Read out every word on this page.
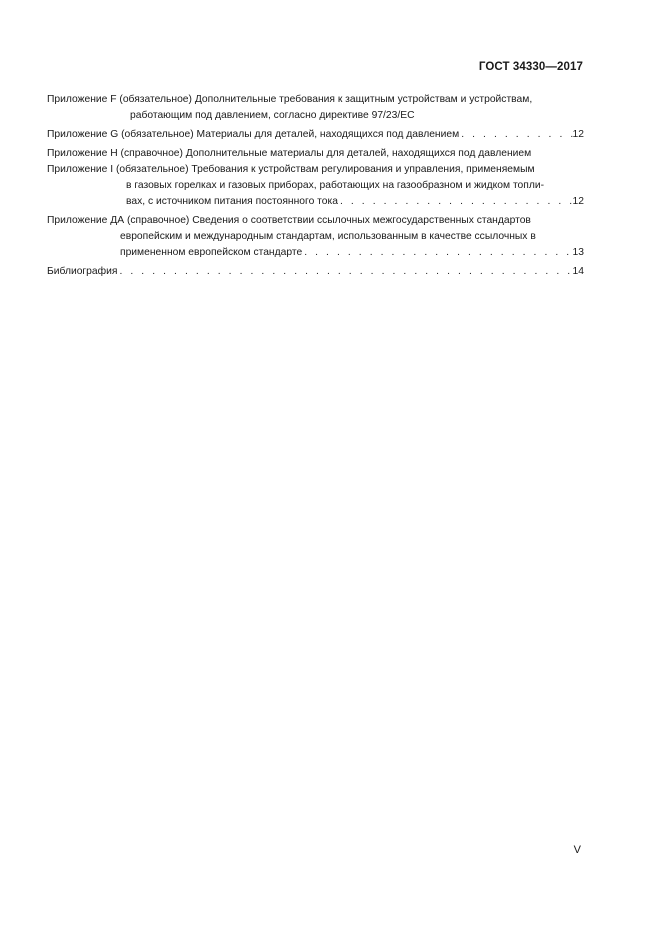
ГОСТ 34330—2017
Приложение F (обязательное) Дополнительные требования к защитным устройствам и устройствам,
работающим под давлением, согласно директиве 97/23/ЕС
Приложение G (обязательное) Материалы для деталей, находящихся под давлением . . .	12
Приложение H (справочное) Дополнительные материалы для деталей, находящихся под давлением
Приложение I (обязательное) Требования к устройствам регулирования и управления, применяемым
в газовых горелках и газовых приборах, работающих на газообразном и жидком топли-
вах, с источником питания постоянного тока . . .	12
Приложение ДА (справочное) Сведения о соответствии ссылочных межгосударственных стандартов
европейским и международным стандартам, использованным в качестве ссылочных в
примененном европейском стандарте . . .	13
Библиография . . .	14
V
